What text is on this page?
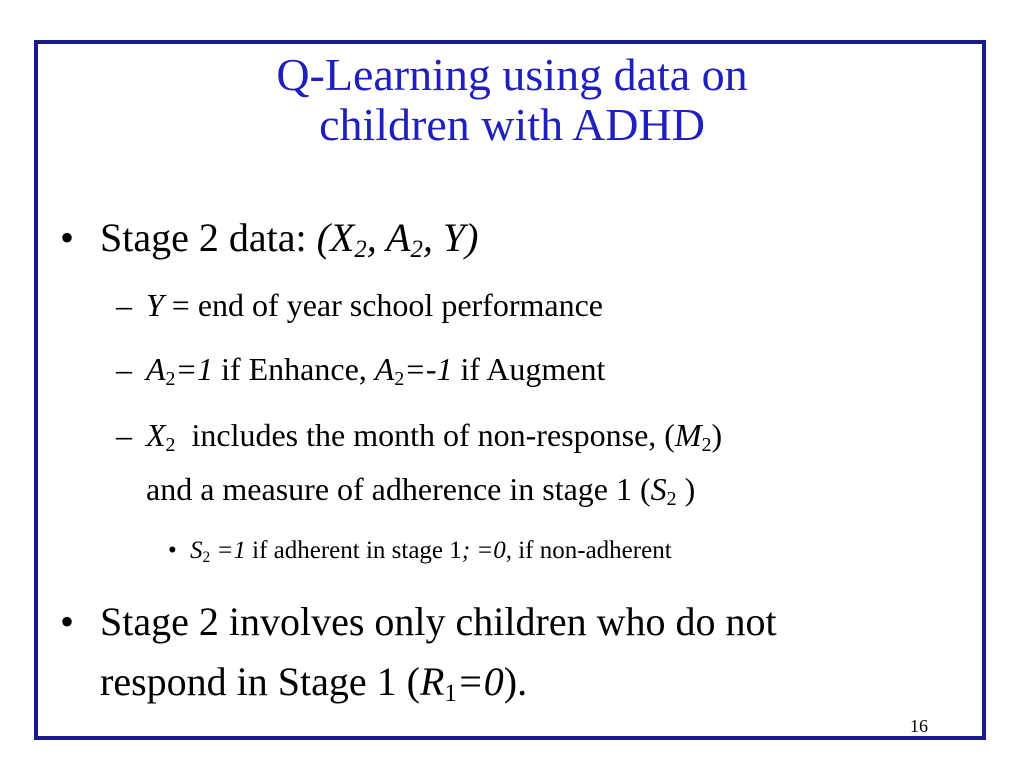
Q-Learning using data on
children with ADHD
• Stage 2 data: ($X_2$, $A_2$, Y)
– Y = end of year school performance
– $A_2=1$ if Enhance, $A_2=-1$ if Augment
– $X_2$  includes the month of non-response, $(M_2)$
and a measure of adherence in stage 1 ($S_2$ )
• $S_2 =1$ if adherent in stage 1; =0, if non-adherent
• Stage 2 involves only children who do not
respond in Stage 1 $(R_1=0)$.
16
